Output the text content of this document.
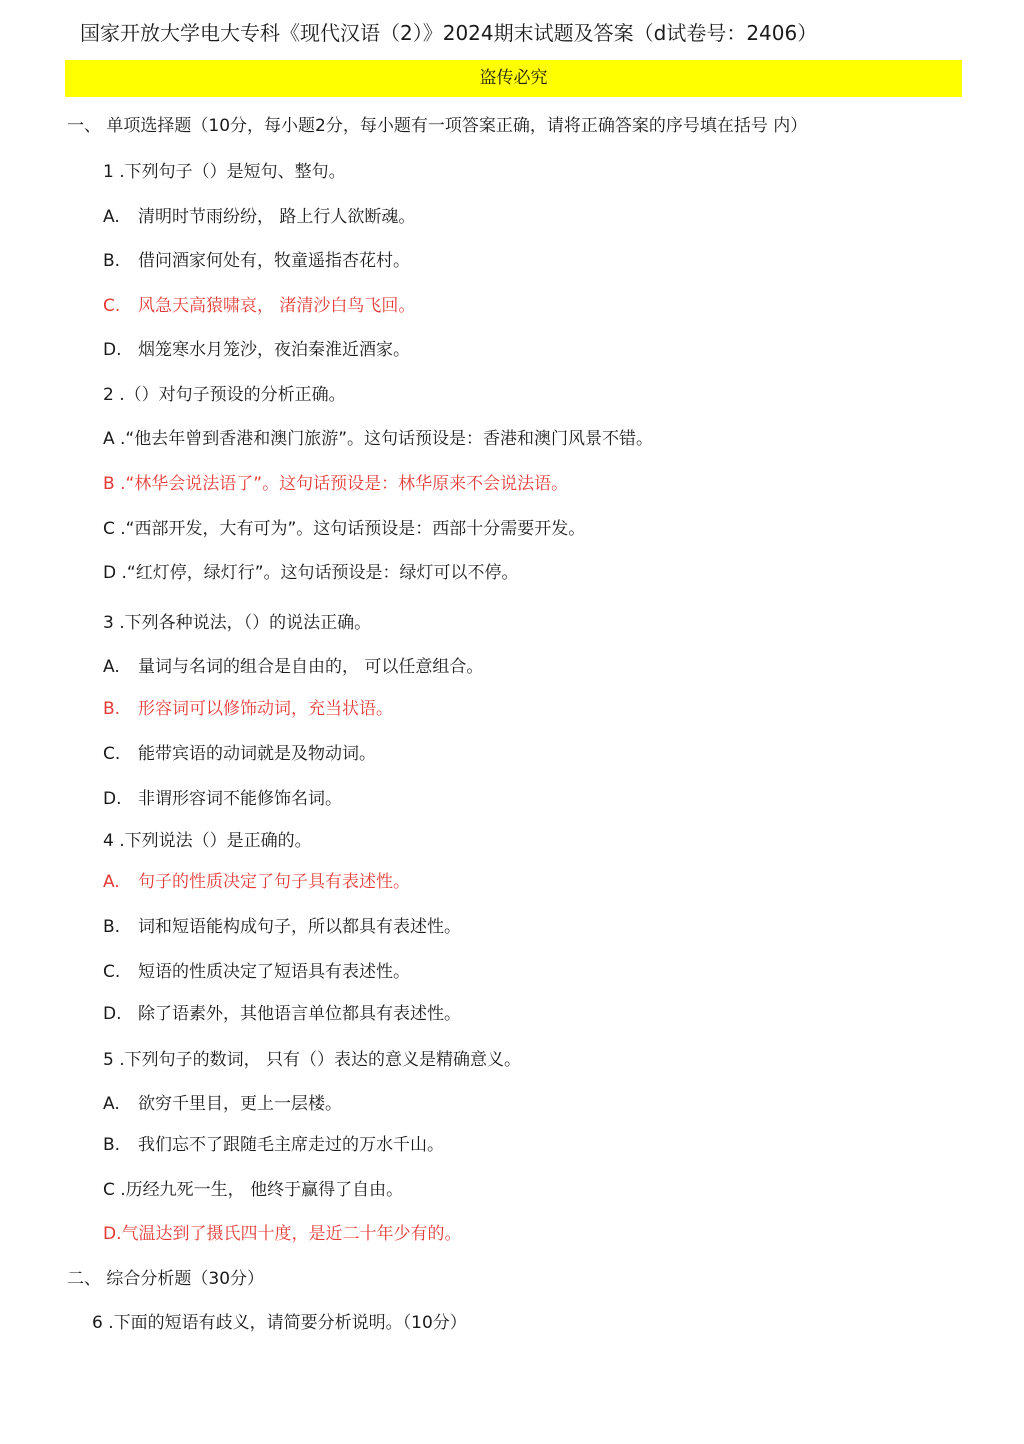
国家开放大学电大专科《现代汉语（2）》2024期末试题及答案（d试卷号：2406）
盗传必究
一、 单项选择题（10分，每小题2分，每小题有一项答案正确，请将正确答案的序号填在括号 内）
1 .下列句子（）是短句、整句。
A. 清明时节雨纷纷， 路上行人欲断魂。
B. 借问酒家何处有，牧童遥指杏花村。
C. 风急天高猿啸哀， 渚清沙白鸟飞回。
D. 烟笼寒水月笼沙，夜泊秦淮近酒家。
2 .（）对句子预设的分析正确。
A .“他去年曾到香港和澳门旅游”。这句话预设是：香港和澳门风景不错。
B .“林华会说法语了”。这句话预设是：林华原来不会说法语。
C .“西部开发，大有可为”。这句话预设是：西部十分需要开发。
D .“红灯停，绿灯行”。这句话预设是：绿灯可以不停。
3 .下列各种说法，（）的说法正确。
A. 量词与名词的组合是自由的， 可以任意组合。
B. 形容词可以修饰动词，充当状语。
C. 能带宾语的动词就是及物动词。
D. 非谓形容词不能修饰名词。
4 .下列说法（）是正确的。
A. 句子的性质决定了句子具有表述性。
B. 词和短语能构成句子，所以都具有表述性。
C. 短语的性质决定了短语具有表述性。
D. 除了语素外，其他语言单位都具有表述性。
5 .下列句子的数词， 只有（）表达的意义是精确意义。
A. 欲穷千里目，更上一层楼。
B. 我们忘不了跟随毛主席走过的万水千山。
C .历经九死一生， 他终于赢得了自由。
D.气温达到了摄氏四十度，是近二十年少有的。
二、 综合分析题（30分）
6 .下面的短语有歧义，请简要分析说明。（10分）
